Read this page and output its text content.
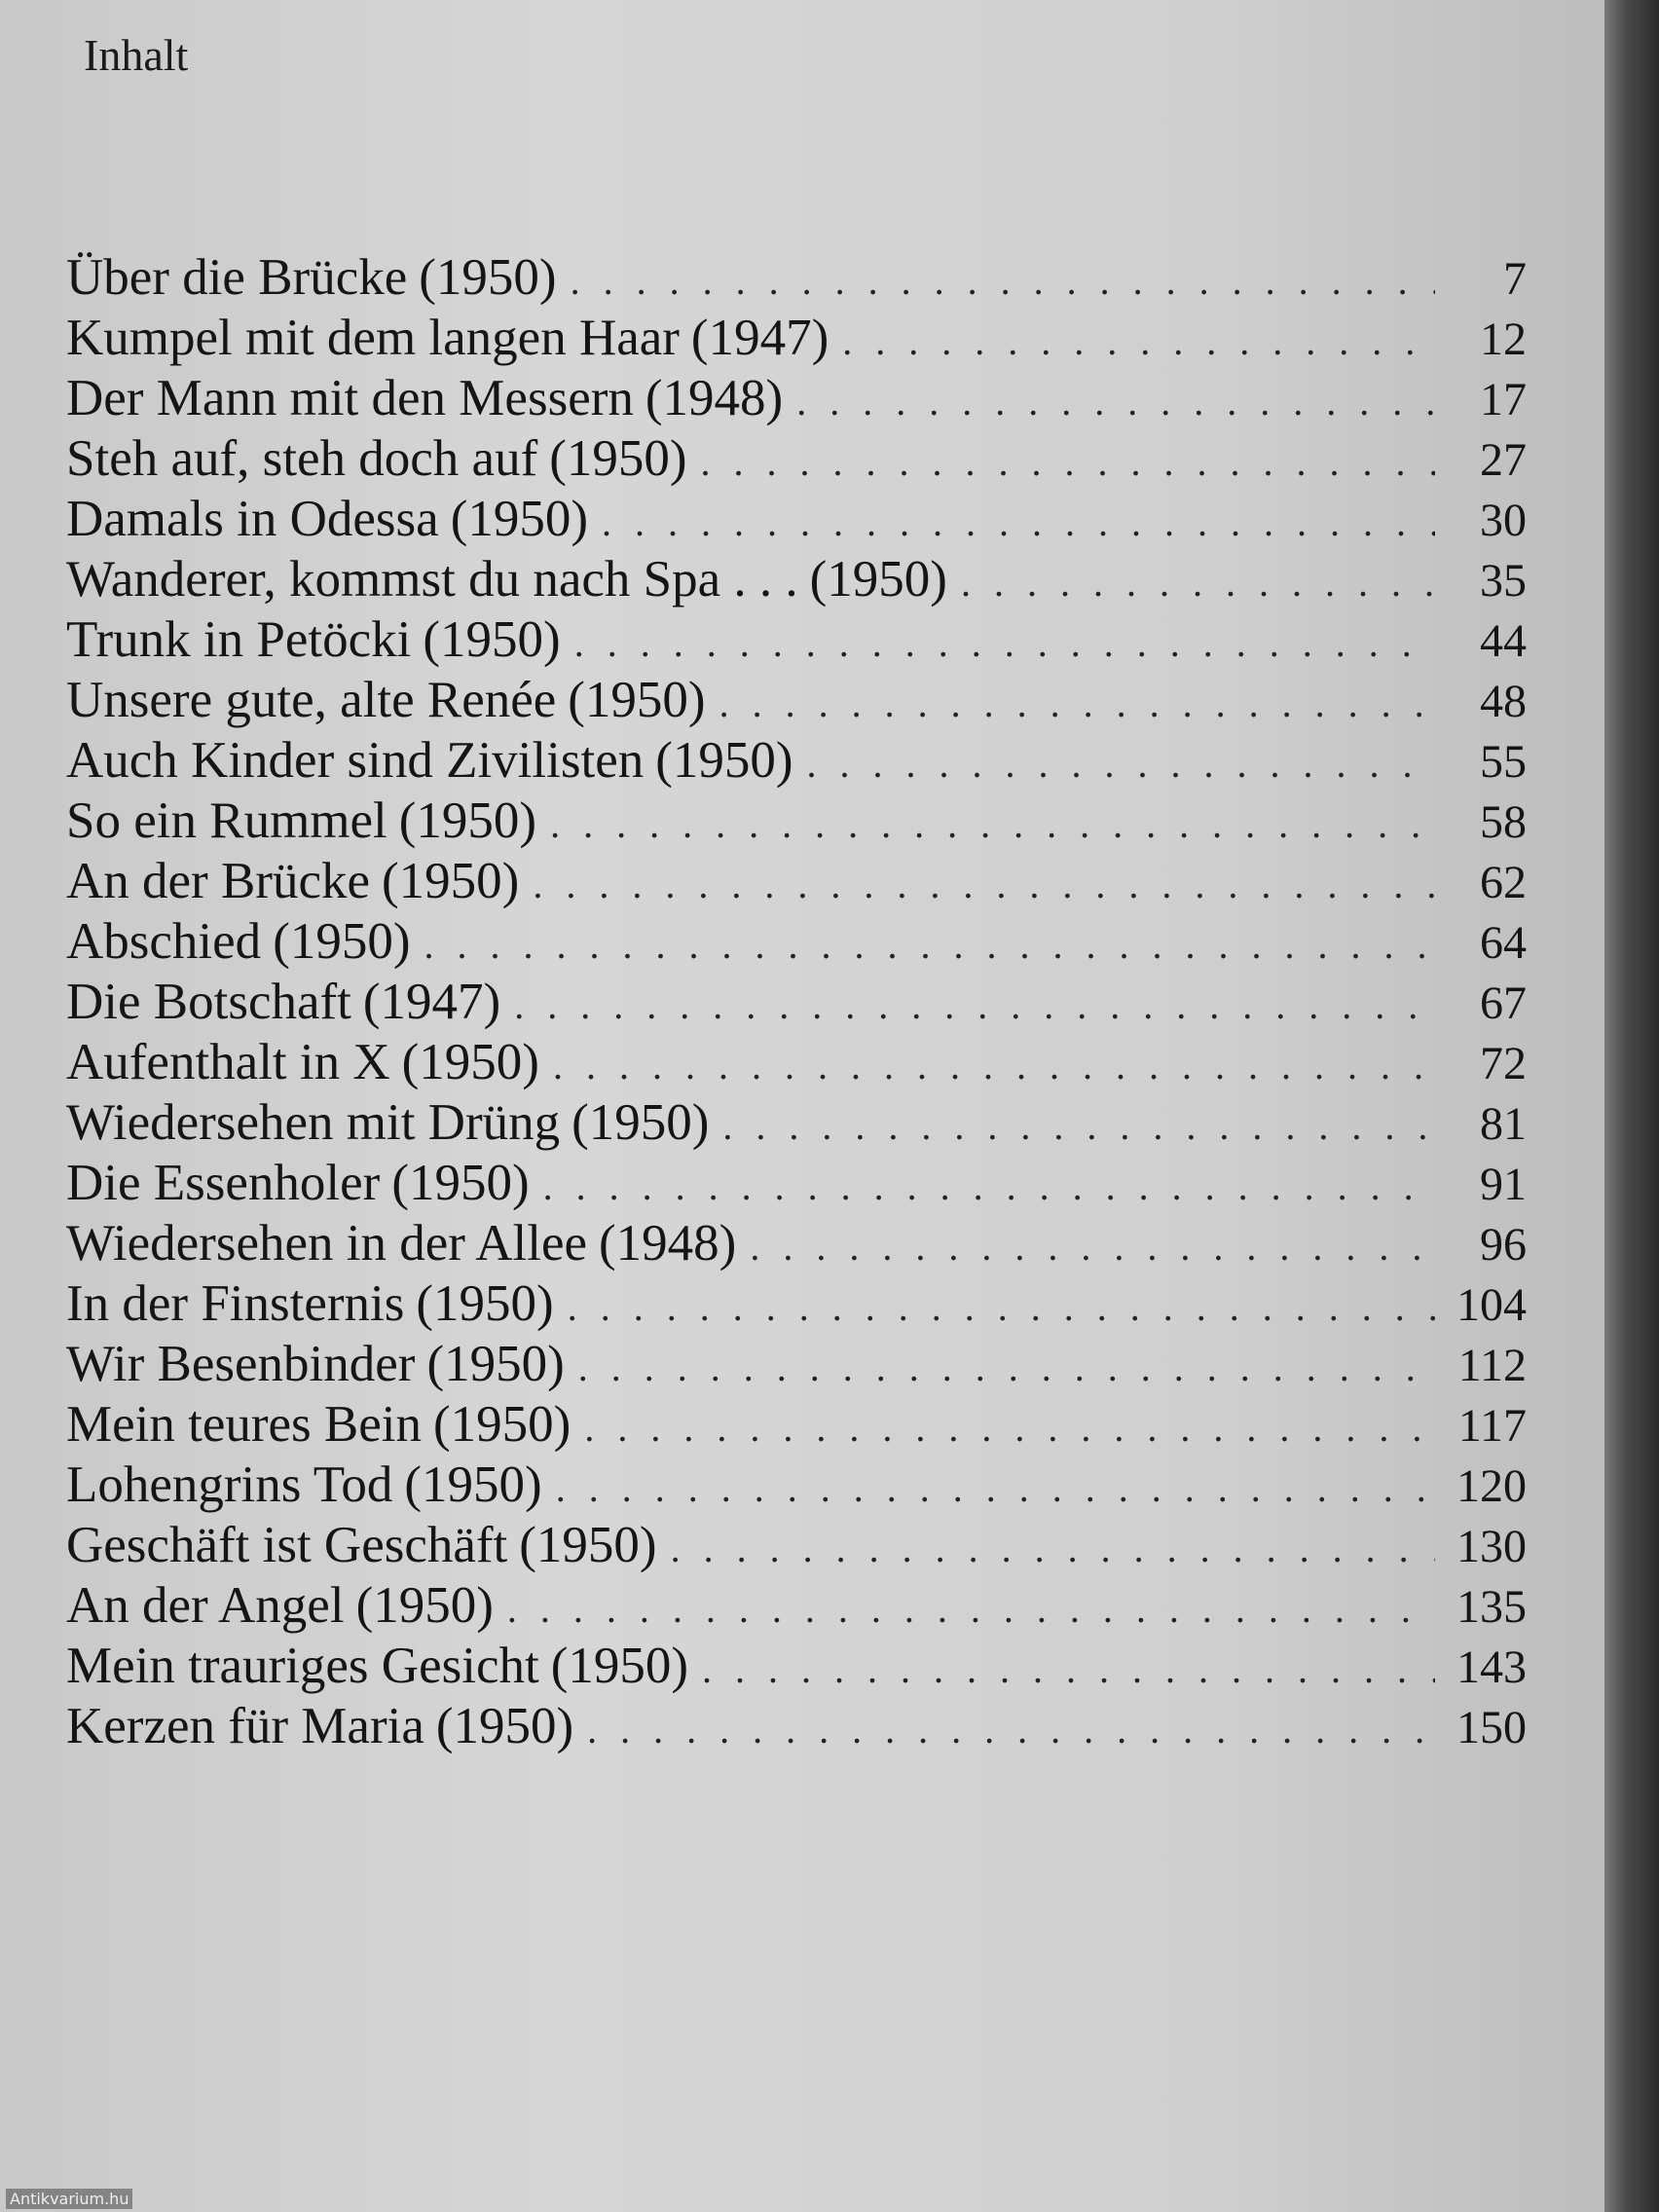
Inhalt
Über die Brücke (1950) . . .	7
Kumpel mit dem langen Haar (1947) . . .	12
Der Mann mit den Messern (1948) . . .	17
Steh auf, steh doch auf (1950) . . .	27
Damals in Odessa (1950) . . .	30
Wanderer, kommst du nach Spa . . . (1950) . . .	35
Trunk in Petöcki (1950) . . .	44
Unsere gute, alte Renée (1950) . . .	48
Auch Kinder sind Zivilisten (1950) . . .	55
So ein Rummel (1950) . . .	58
An der Brücke (1950) . . .	62
Abschied (1950) . . .	64
Die Botschaft (1947) . . .	67
Aufenthalt in X (1950) . . .	72
Wiedersehen mit Drüng (1950) . . .	81
Die Essenholer (1950) . . .	91
Wiedersehen in der Allee (1948) . . .	96
In der Finsternis (1950) . . .	104
Wir Besenbinder (1950) . . .	112
Mein teures Bein (1950) . . .	117
Lohengrins Tod (1950) . . .	120
Geschäft ist Geschäft (1950) . . .	130
An der Angel (1950) . . .	135
Mein trauriges Gesicht (1950) . . .	143
Kerzen für Maria (1950) . . .	150
Antikvarium.hu
